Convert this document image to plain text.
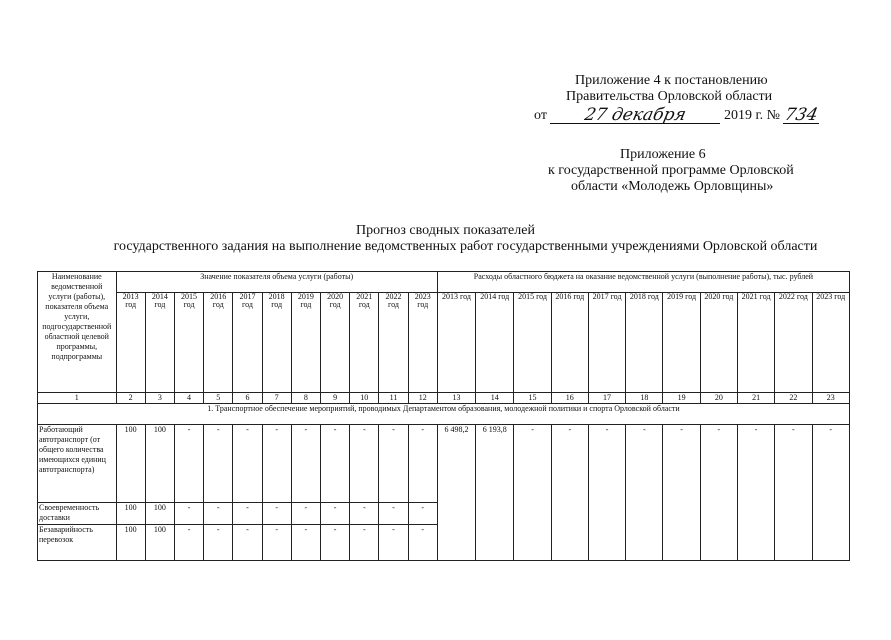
Приложение 4 к постановлению
Правительства Орловской области
от 27 декабря	2019 г. № 734
Приложение 6
к государственной программе Орловской
области «Молодежь Орловщины»
Прогноз сводных показателей
государственного задания на выполнение ведомственных работ государственными учреждениями Орловской области
Наименование ведомственной услуги (работы), показателя объема услуги, подгосударственной областной целевой программы, подпрограммы	Значение показателя объема услуги (работы)											Расходы областного бюджета на оказание ведомственной услуги (выполнение работы), тыс. рублей										
	2013 год	2014 год	2015 год	2016 год	2017 год	2018 год	2019 год	2020 год	2021 год	2022 год	2023 год	2013 год	2014 год	2015 год	2016 год	2017 год	2018 год	2019 год	2020 год	2021 год	2022 год	2023 год
1	2	3	4	5	6	7	8	9	10	11	12	13	14	15	16	17	18	19	20	21	22	23
1. Транспортное обеспечение мероприятий, проводимых Департаментом образования, молодежной политики и спорта Орловской области																						
Работающий автотранспорт (от общего количества имеющихся единиц автотранспорта)	100	100	-	-	-	-	-	-	-	-	-	6 498,2	6 193,8	-	-	-	-	-	-	-	-	-
Своевременность доставки	100	100	-	-	-	-	-	-	-	-	-											
Безаварийность перевозок	100	100	-	-	-	-	-	-	-	-	-											
